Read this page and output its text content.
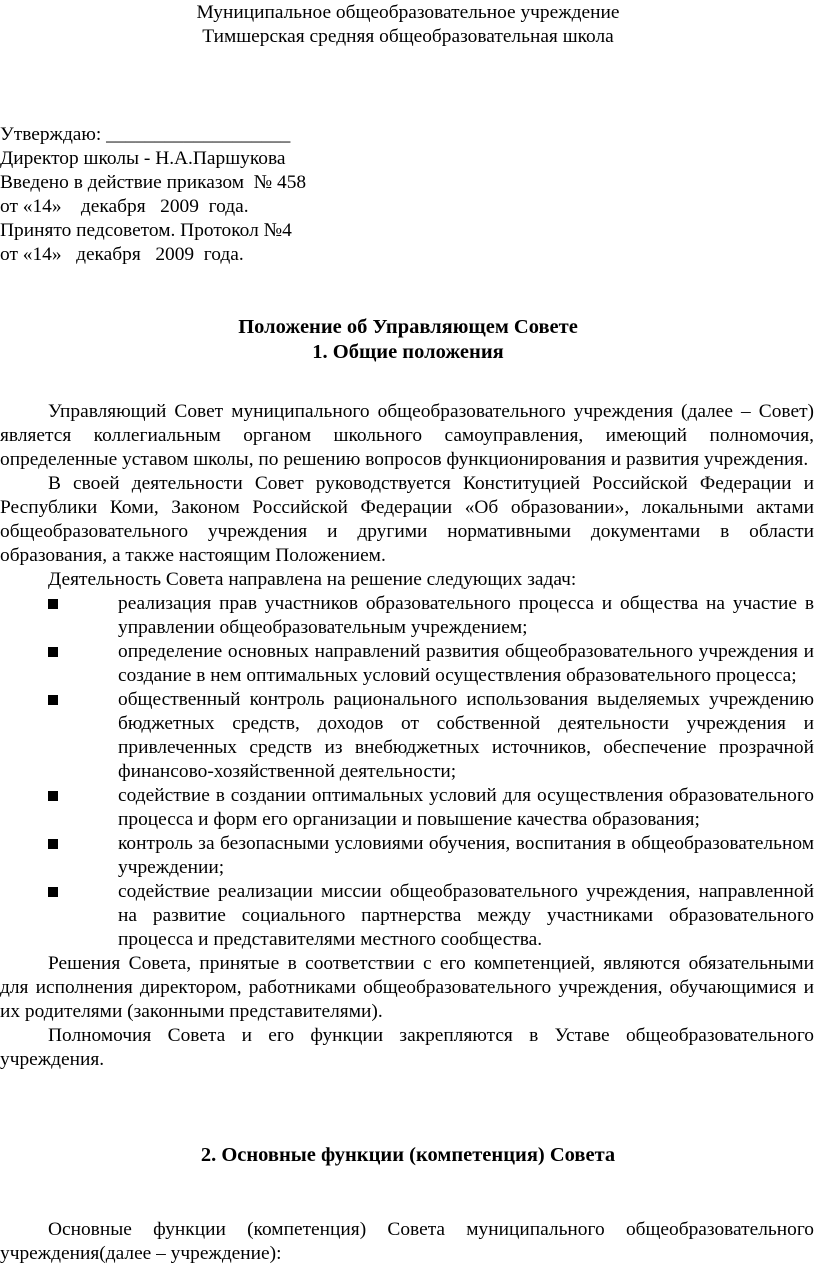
Муниципальное общеобразовательное учреждение
Тимшерская средняя общеобразовательная школа
Утверждаю: ___________________
Директор школы - Н.А.Паршукова
Введено в действие приказом  № 458
от «14»    декабря   2009  года.
Принято педсоветом. Протокол №4
от «14»   декабря   2009  года.
Положение об Управляющем Совете
1. Общие положения

Управляющий Совет муниципального общеобразовательного учреждения (далее – Совет) является коллегиальным органом школьного самоуправления, имеющий полномочия, определенные уставом школы, по решению вопросов функционирования и развития учреждения.

В своей деятельности Совет руководствуется Конституцией Российской Федерации и Республики Коми, Законом Российской Федерации «Об образовании», локальными актами общеобразовательного учреждения и другими нормативными документами в области образования, а также настоящим Положением.

Деятельность Совета направлена на решение следующих задач:

реализация прав участников образовательного процесса и общества на участие в управлении общеобразовательным учреждением;
определение основных направлений развития общеобразовательного учреждения и создание в нем оптимальных условий осуществления образовательного процесса;
общественный контроль рационального использования выделяемых учреждению бюджетных средств, доходов от собственной деятельности учреждения и привлеченных средств из внебюджетных источников, обеспечение прозрачной финансово-хозяйственной деятельности;
содействие в создании оптимальных условий для осуществления образовательного процесса и форм его организации и повышение качества образования;
контроль за безопасными условиями обучения, воспитания в общеобразовательном учреждении;
содействие реализации миссии общеобразовательного учреждения, направленной на развитие социального партнерства между участниками образовательного процесса и представителями местного сообщества.

Решения Совета, принятые в соответствии с его компетенцией, являются обязательными для исполнения директором, работниками общеобразовательного учреждения, обучающимися и их родителями (законными представителями).

Полномочия Совета и его функции закрепляются в Уставе общеобразовательного учреждения.

2. Основные функции (компетенция) Совета

Основные функции (компетенция) Совета муниципального общеобразовательного учреждения(далее – учреждение):
